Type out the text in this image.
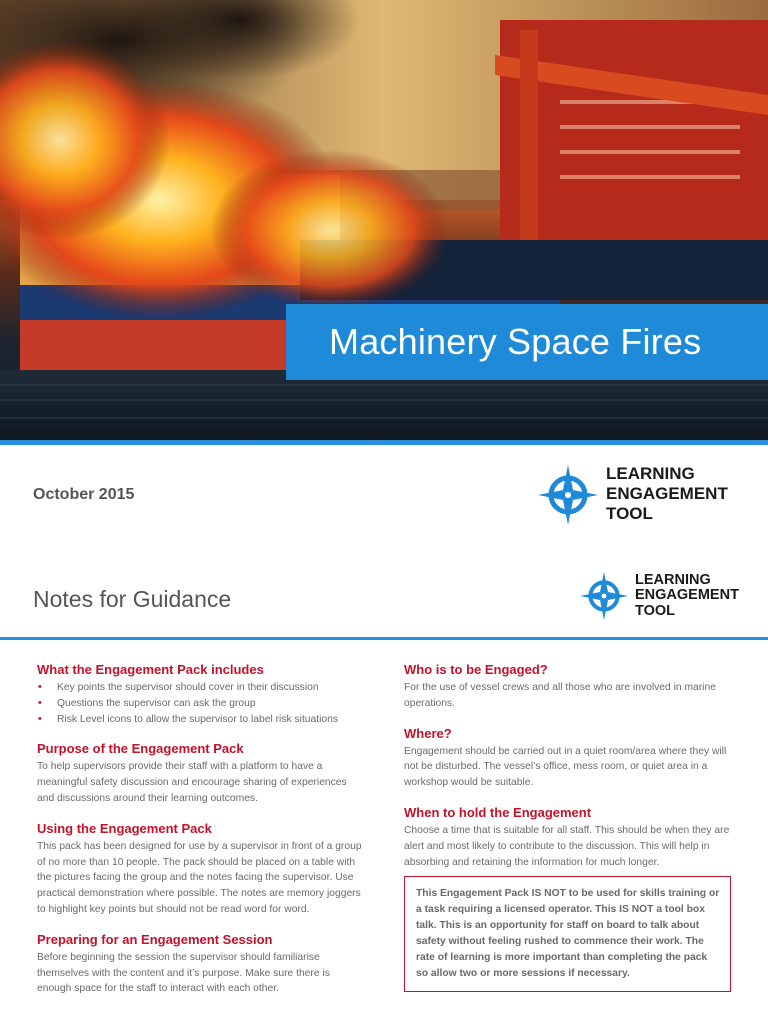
Machinery Space Fires
October 2015
LEARNING
ENGAGEMENT
TOOL
Notes for Guidance
LEARNING
ENGAGEMENT
TOOL
What the Engagement Pack includes
• Key points the supervisor should cover in their discussion
• Questions the supervisor can ask the group
• Risk Level icons to allow the supervisor to label risk situations
Purpose of the Engagement Pack

To help supervisors provide their staff with a platform to have a meaningful safety discussion and encourage sharing of experiences and discussions around their learning outcomes.

Using the Engagement Pack

This pack has been designed for use by a supervisor in front of a group of no more than 10 people. The pack should be placed on a table with the pictures facing the group and the notes facing the supervisor. Use practical demonstration where possible. The notes are memory joggers to highlight key points but should not be read word for word.

Preparing for an Engagement Session

Before beginning the session the supervisor should familiarise themselves with the content and it’s purpose. Make sure there is enough space for the staff to interact with each other.

Who is to be Engaged?

For the use of vessel crews and all those who are involved in marine operations.

Where?

Engagement should be carried out in a quiet room/area where they will not be disturbed. The vessel’s office, mess room, or quiet area in a workshop would be suitable.

When to hold the Engagement

Choose a time that is suitable for all staff. This should be when they are alert and most likely to contribute to the discussion. This will help in absorbing and retaining the information for much longer.

This Engagement Pack IS NOT to be used for skills training or a task requiring a licensed operator. This IS NOT a tool box talk. This is an opportunity for staff on board to talk about safety without feeling rushed to commence their work. The rate of learning is more important than completing the pack so allow two or more sessions if necessary.
